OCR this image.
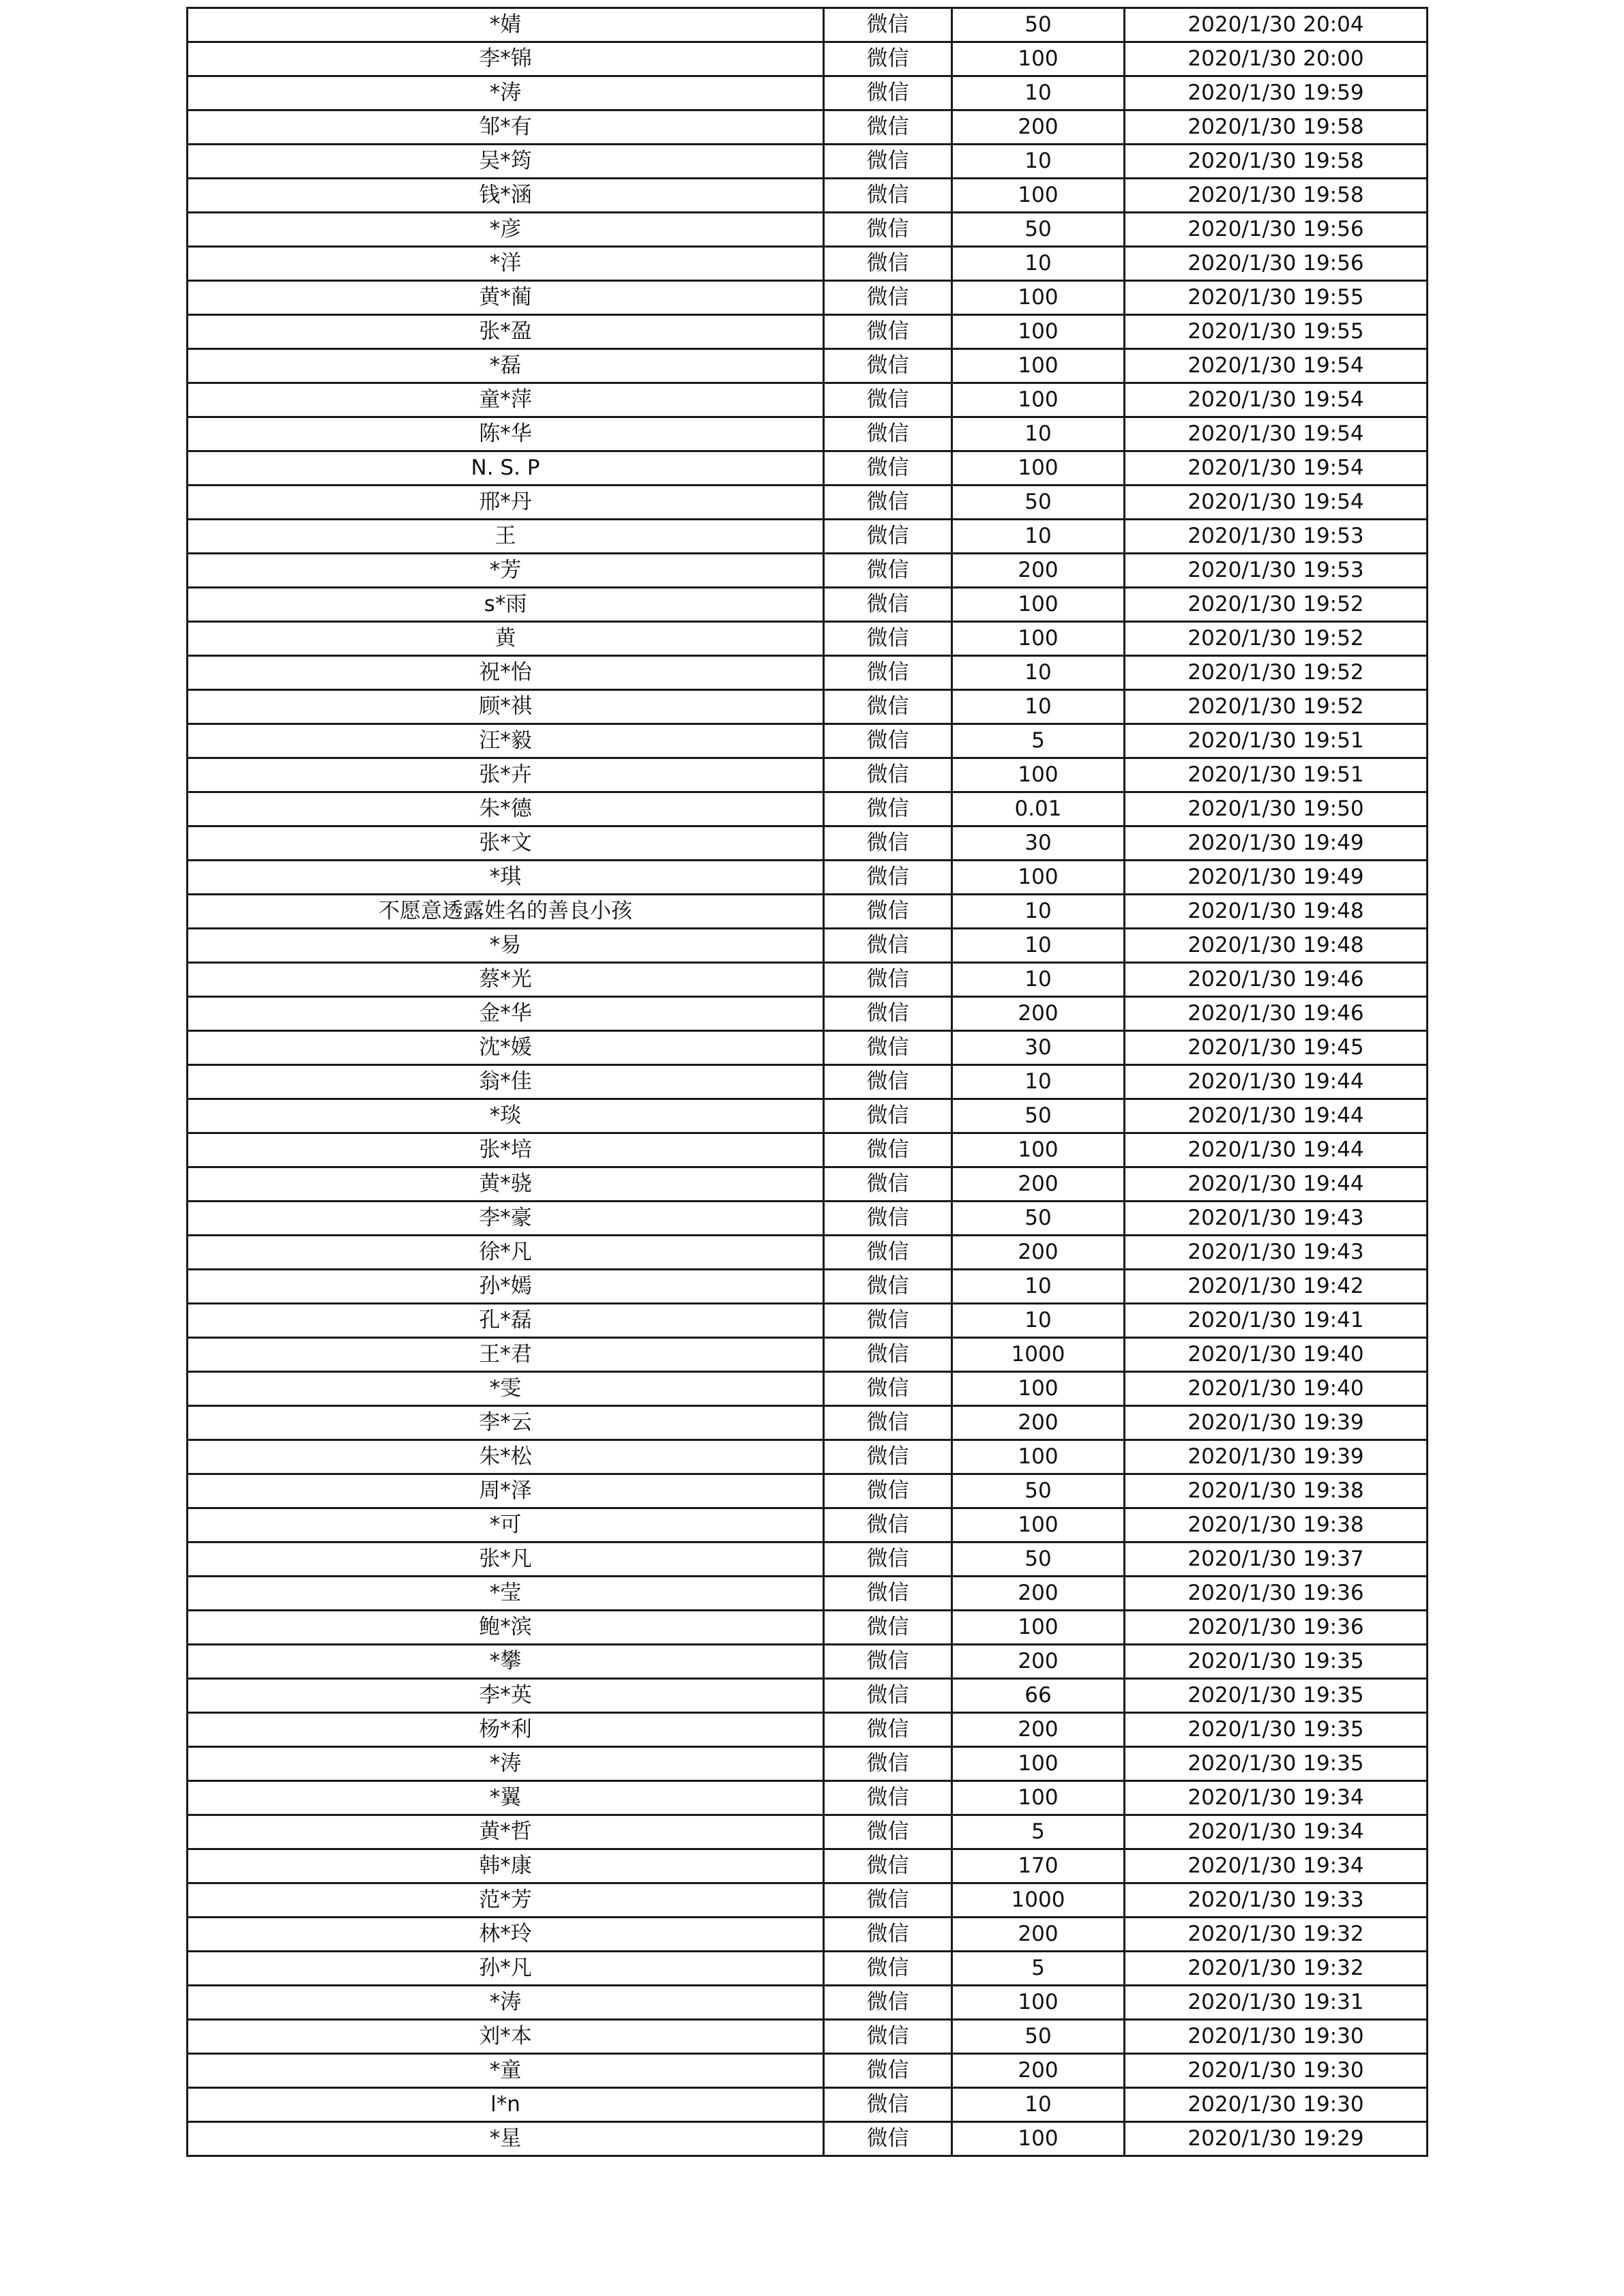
*婧	微信	50	2020/1/30 20:04
李*锦	微信	100	2020/1/30 20:00
*涛	微信	10	2020/1/30 19:59
邹*有	微信	200	2020/1/30 19:58
吴*筠	微信	10	2020/1/30 19:58
钱*涵	微信	100	2020/1/30 19:58
*彦	微信	50	2020/1/30 19:56
*洋	微信	10	2020/1/30 19:56
黄*蔺	微信	100	2020/1/30 19:55
张*盈	微信	100	2020/1/30 19:55
*磊	微信	100	2020/1/30 19:54
童*萍	微信	100	2020/1/30 19:54
陈*华	微信	10	2020/1/30 19:54
N. S. P	微信	100	2020/1/30 19:54
邢*丹	微信	50	2020/1/30 19:54
王	微信	10	2020/1/30 19:53
*芳	微信	200	2020/1/30 19:53
s*雨	微信	100	2020/1/30 19:52
黄	微信	100	2020/1/30 19:52
祝*怡	微信	10	2020/1/30 19:52
顾*祺	微信	10	2020/1/30 19:52
汪*毅	微信	5	2020/1/30 19:51
张*卉	微信	100	2020/1/30 19:51
朱*德	微信	0.01	2020/1/30 19:50
张*文	微信	30	2020/1/30 19:49
*琪	微信	100	2020/1/30 19:49
不愿意透露姓名的善良小孩	微信	10	2020/1/30 19:48
*易	微信	10	2020/1/30 19:48
蔡*光	微信	10	2020/1/30 19:46
金*华	微信	200	2020/1/30 19:46
沈*媛	微信	30	2020/1/30 19:45
翁*佳	微信	10	2020/1/30 19:44
*琰	微信	50	2020/1/30 19:44
张*培	微信	100	2020/1/30 19:44
黄*骁	微信	200	2020/1/30 19:44
李*豪	微信	50	2020/1/30 19:43
徐*凡	微信	200	2020/1/30 19:43
孙*嫣	微信	10	2020/1/30 19:42
孔*磊	微信	10	2020/1/30 19:41
王*君	微信	1000	2020/1/30 19:40
*雯	微信	100	2020/1/30 19:40
李*云	微信	200	2020/1/30 19:39
朱*松	微信	100	2020/1/30 19:39
周*泽	微信	50	2020/1/30 19:38
*可	微信	100	2020/1/30 19:38
张*凡	微信	50	2020/1/30 19:37
*莹	微信	200	2020/1/30 19:36
鲍*滨	微信	100	2020/1/30 19:36
*攀	微信	200	2020/1/30 19:35
李*英	微信	66	2020/1/30 19:35
杨*利	微信	200	2020/1/30 19:35
*涛	微信	100	2020/1/30 19:35
*翼	微信	100	2020/1/30 19:34
黄*哲	微信	5	2020/1/30 19:34
韩*康	微信	170	2020/1/30 19:34
范*芳	微信	1000	2020/1/30 19:33
林*玲	微信	200	2020/1/30 19:32
孙*凡	微信	5	2020/1/30 19:32
*涛	微信	100	2020/1/30 19:31
刘*本	微信	50	2020/1/30 19:30
*童	微信	200	2020/1/30 19:30
l*n	微信	10	2020/1/30 19:30
*星	微信	100	2020/1/30 19:29
